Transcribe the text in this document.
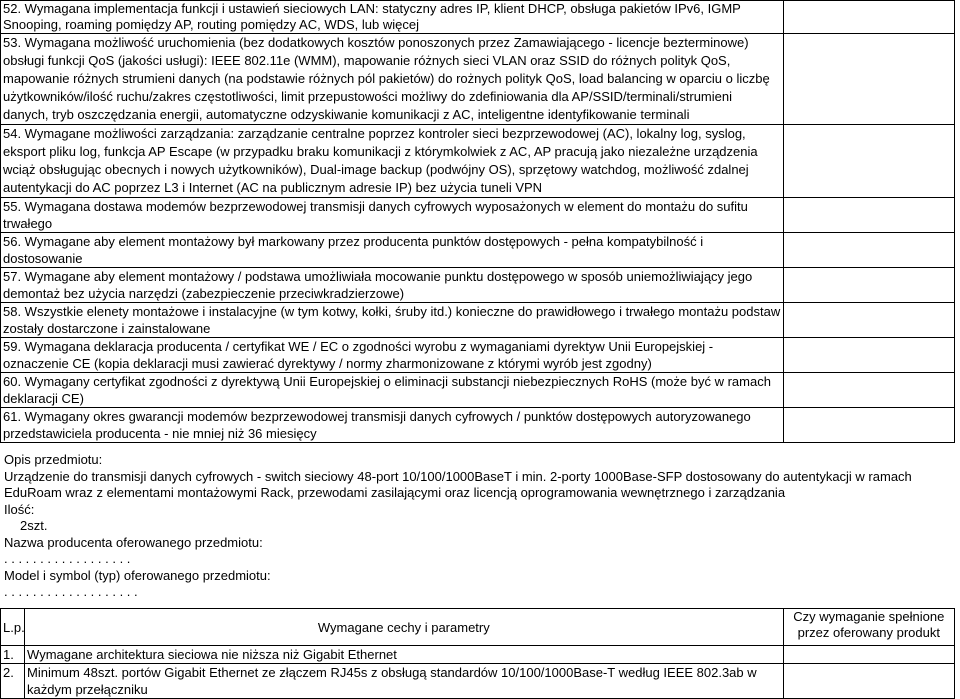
52. Wymagana implementacja funkcji i ustawień sieciowych LAN: statyczny adres IP, klient DHCP, obsługa pakietów IPv6, IGMP Snooping, roaming pomiędzy AP, routing pomiędzy AC, WDS, lub więcej	
53. Wymagana możliwość uruchomienia (bez dodatkowych kosztów ponoszonych przez Zamawiającego - licencje bezterminowe) obsługi funkcji QoS (jakości usługi): IEEE 802.11e (WMM), mapowanie różnych sieci VLAN oraz SSID do różnych polityk QoS, mapowanie różnych strumieni danych (na podstawie różnych pól pakietów) do rożnych polityk QoS, load balancing w oparciu o liczbę użytkowników/ilość ruchu/zakres częstotliwości, limit przepustowości możliwy do zdefiniowania dla AP/SSID/terminali/strumieni danych, tryb oszczędzania energii, automatyczne odzyskiwanie komunikacji z AC, inteligentne identyfikowanie terminali	
54. Wymagane możliwości zarządzania: zarządzanie centralne poprzez kontroler sieci bezprzewodowej (AC), lokalny log, syslog, eksport pliku log, funkcja AP Escape (w przypadku braku komunikacji z którymkolwiek z AC, AP pracują jako niezależne urządzenia wciąż obsługując obecnych i nowych użytkowników), Dual-image backup (podwójny OS), sprzętowy watchdog, możliwość zdalnej autentykacji do AC poprzez L3 i Internet (AC na publicznym adresie IP) bez użycia tuneli VPN	
55. Wymagana dostawa modemów bezprzewodowej transmisji danych cyfrowych wyposażonych w element do montażu do sufitu trwałego	
56. Wymagane aby element montażowy był markowany przez producenta punktów dostępowych - pełna kompatybilność i dostosowanie	
57. Wymagane aby element montażowy / podstawa umożliwiała mocowanie punktu dostępowego w sposób uniemożliwiający jego demontaż bez użycia narzędzi (zabezpieczenie przeciwkradzierzowe)	
58. Wszystkie elenety montażowe i instalacyjne (w tym kotwy, kołki, śruby itd.) konieczne do prawidłowego i trwałego montażu podstaw zostały dostarczone i zainstalowane	
59. Wymagana deklaracja producenta / certyfikat WE / EC o zgodności wyrobu z wymaganiami dyrektyw Unii Europejskiej - oznaczenie CE (kopia deklaracji musi zawierać dyrektywy / normy zharmonizowane z którymi wyrób jest zgodny)	
60. Wymagany certyfikat zgodności z dyrektywą Unii Europejskiej o eliminacji substancji niebezpiecznych RoHS (może być w ramach deklaracji CE)	
61. Wymagany okres gwarancji modemów bezprzewodowej transmisji danych cyfrowych / punktów dostępowych autoryzowanego przedstawiciela producenta - nie mniej niż 36 miesięcy	
Opis przedmiotu:
Urządzenie do transmisji danych cyfrowych - switch sieciowy 48-port 10/100/1000BaseT i min. 2-porty 1000Base-SFP dostosowany do autentykacji w ramach EduRoam wraz z elementami montażowymi Rack, przewodami zasilającymi oraz licencją oprogramowania wewnętrznego i zarządzania
Ilość:
2szt.
Nazwa producenta oferowanego przedmiotu:
. . . . . . . . . . . . . . . . . .
Model i symbol (typ) oferowanego przedmiotu:
. . . . . . . . . . . . . . . . . . .
L.p.	Wymagane cechy i parametry	Czy wymaganie spełnione przez oferowany produkt
1.	Wymagane architektura sieciowa nie niższa niż Gigabit Ethernet	
2.	Minimum 48szt. portów Gigabit Ethernet ze złączem RJ45s z obsługą standardów 10/100/1000Base-T według IEEE 802.3ab w każdym przełączniku	
